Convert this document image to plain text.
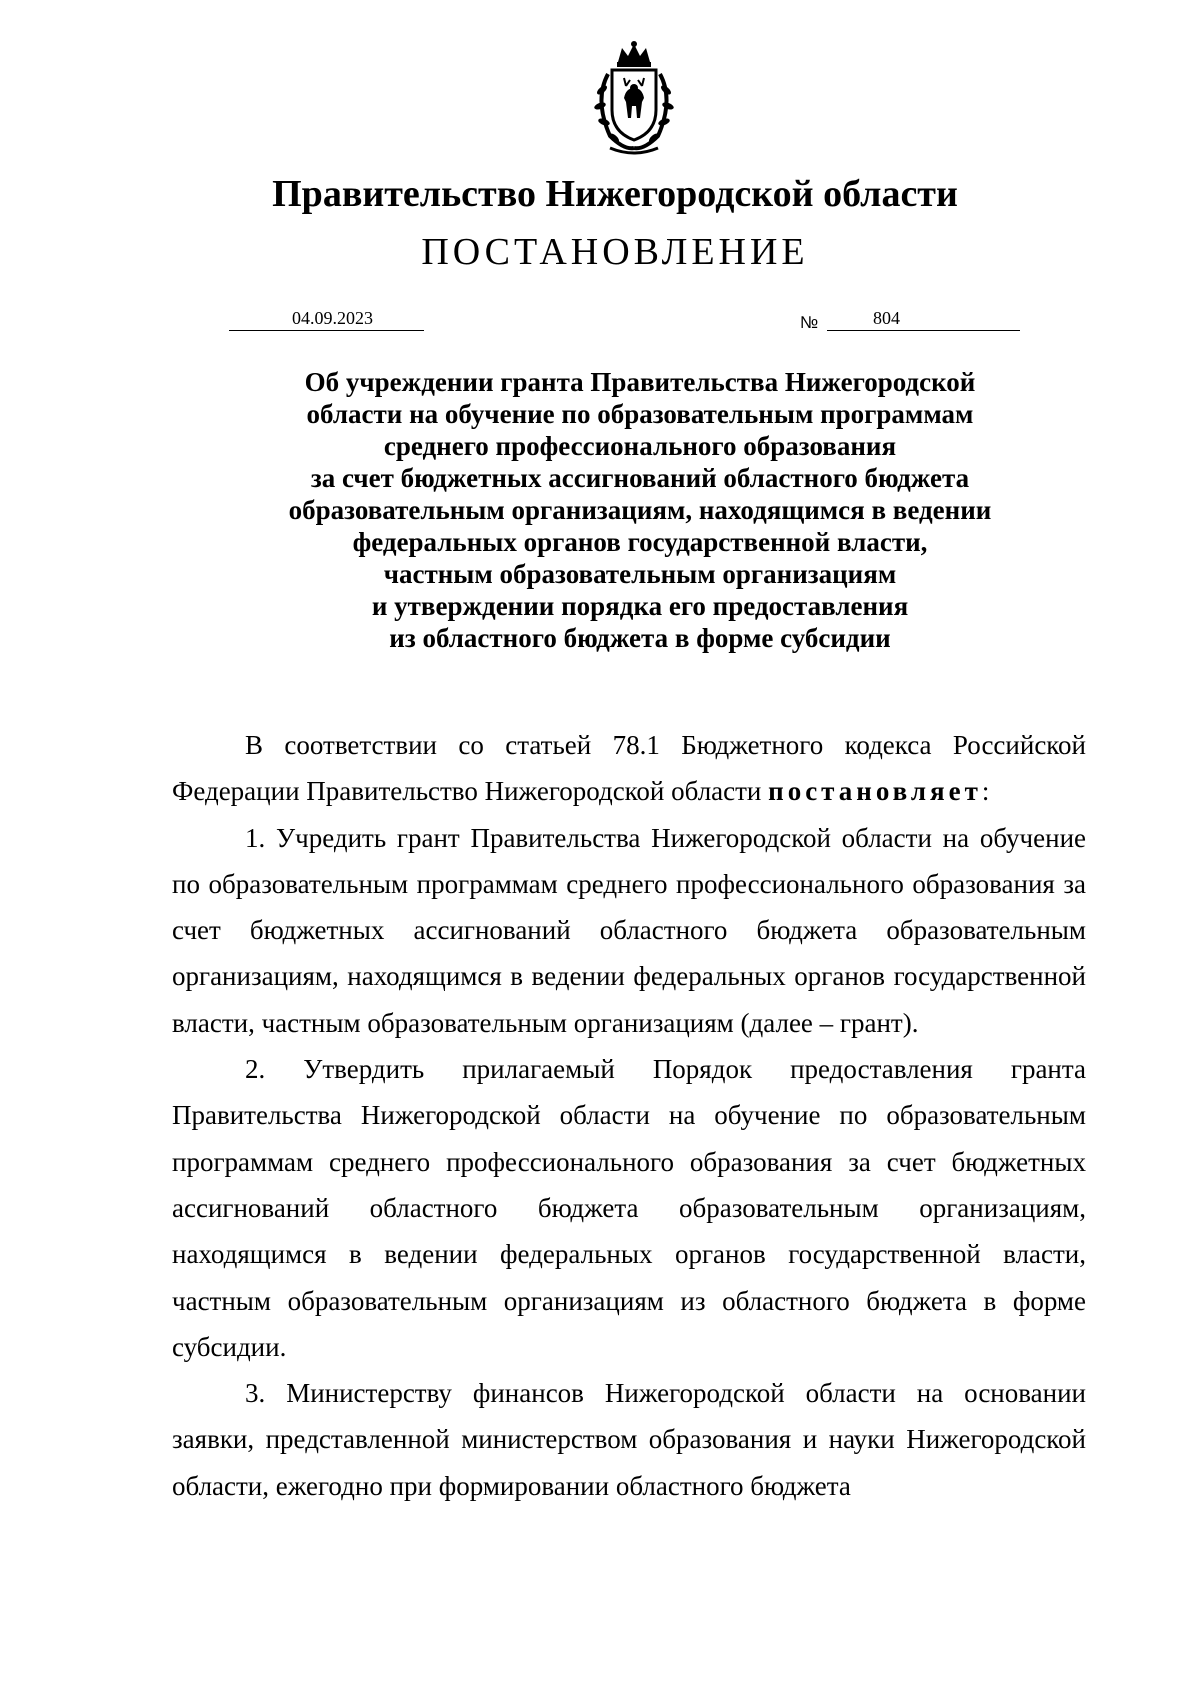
Правительство Нижегородской области
ПОСТАНОВЛЕНИЕ
04.09.2023	№	804
Об учреждении гранта Правительства Нижегородской
области на обучение по образовательным программам
среднего профессионального образования
за счет бюджетных ассигнований областного бюджета
образовательным организациям, находящимся в ведении
федеральных органов государственной власти,
частным образовательным организациям
и утверждении порядка его предоставления
из областного бюджета в форме субсидии

В соответствии со статьей 78.1 Бюджетного кодекса Российской Федерации Правительство Нижегородской области постановляет:

1. Учредить грант Правительства Нижегородской области на обучение по образовательным программам среднего профессионального образования за счет бюджетных ассигнований областного бюджета образовательным организациям, находящимся в ведении федеральных органов государственной власти, частным образовательным организациям (далее – грант).

2. Утвердить прилагаемый Порядок предоставления гранта Правительства Нижегородской области на обучение по образовательным программам среднего профессионального образования за счет бюджетных ассигнований областного бюджета образовательным организациям, находящимся в ведении федеральных органов государственной власти, частным образовательным организациям из областного бюджета в форме субсидии.

3. Министерству финансов Нижегородской области на основании заявки, представленной министерством образования и науки Нижегородской области, ежегодно при формировании областного бюджета
